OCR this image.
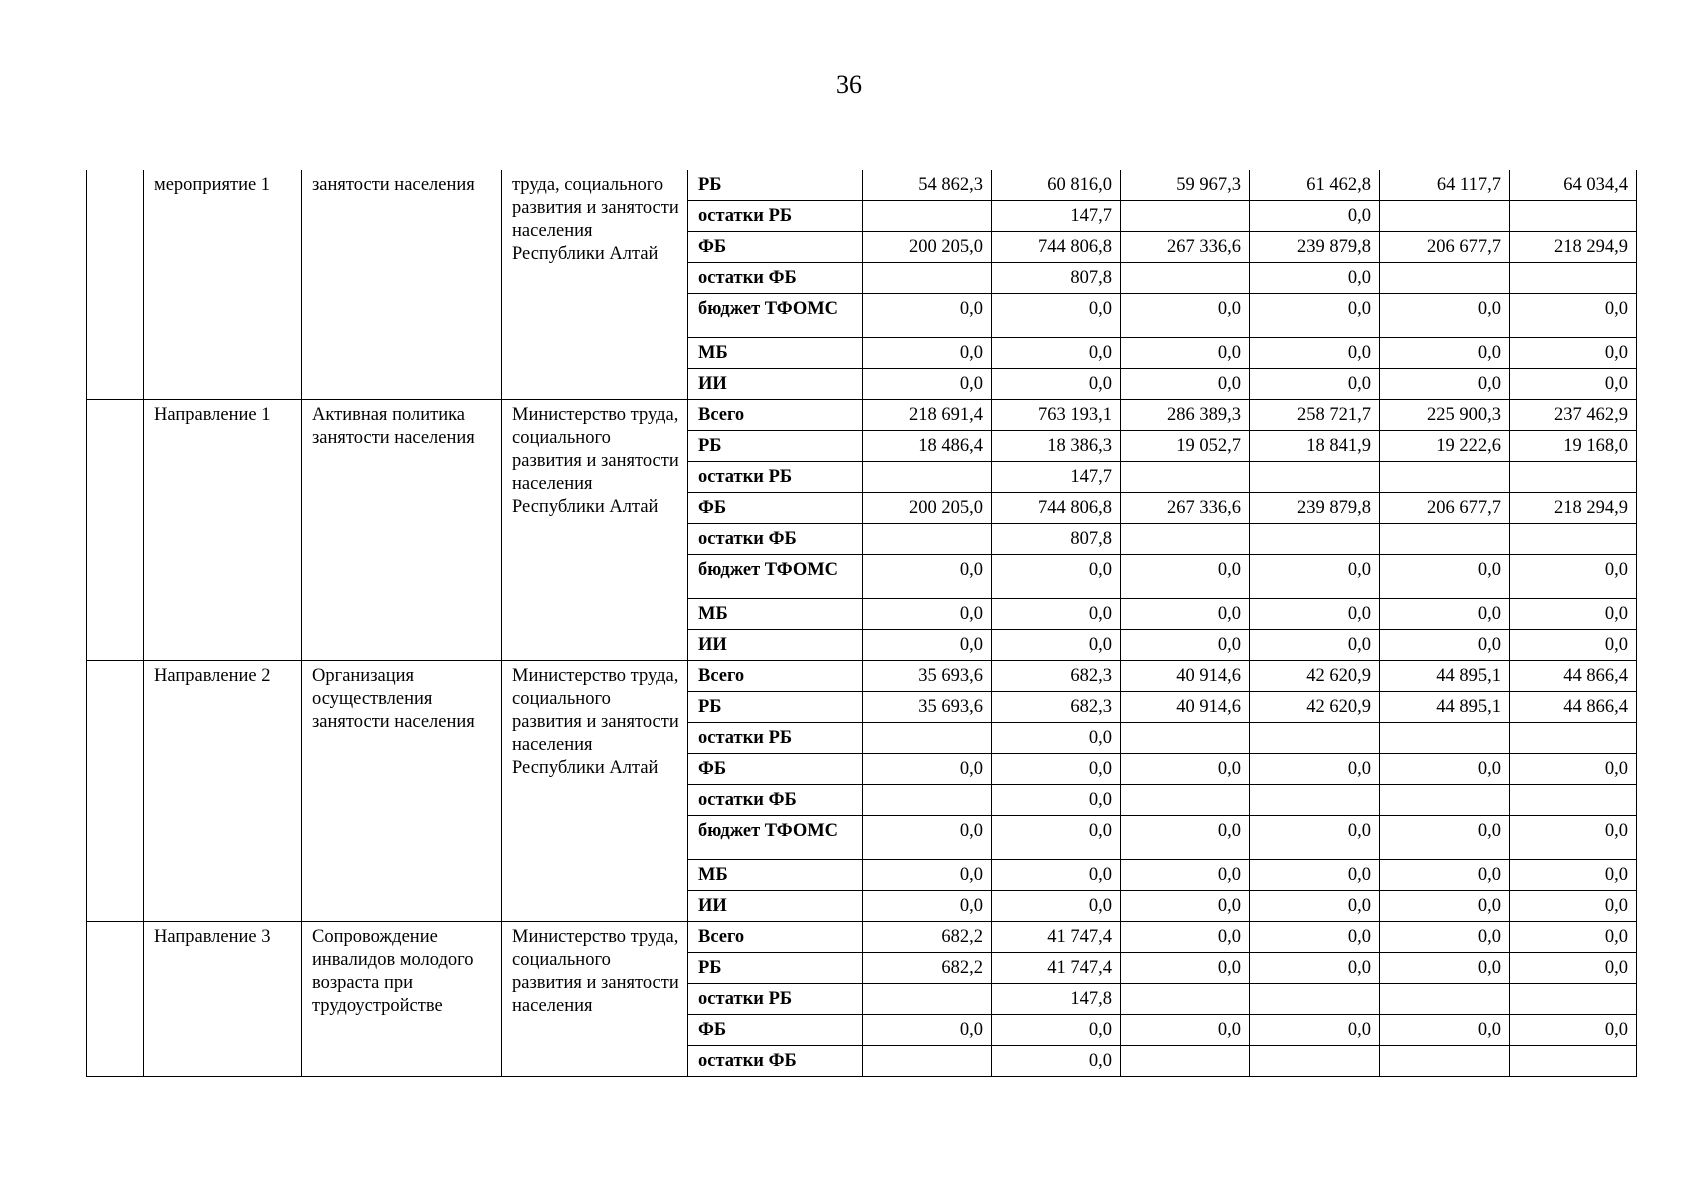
36
	мероприятие 1	занятости населения	труда, социального развития и занятости населения Республики Алтай	РБ	54 862,3	60 816,0	59 967,3	61 462,8	64 117,7	64 034,4
				остатки РБ		147,7		0,0		
				ФБ	200 205,0	744 806,8	267 336,6	239 879,8	206 677,7	218 294,9
				остатки ФБ		807,8		0,0		
				бюджет ТФОМС	0,0	0,0	0,0	0,0	0,0	0,0
				МБ	0,0	0,0	0,0	0,0	0,0	0,0
				ИИ	0,0	0,0	0,0	0,0	0,0	0,0
	Направление 1	Активная политика занятости населения	Министерство труда, социального развития и занятости населения Республики Алтай	Всего	218 691,4	763 193,1	286 389,3	258 721,7	225 900,3	237 462,9
				РБ	18 486,4	18 386,3	19 052,7	18 841,9	19 222,6	19 168,0
				остатки РБ		147,7				
				ФБ	200 205,0	744 806,8	267 336,6	239 879,8	206 677,7	218 294,9
				остатки ФБ		807,8				
				бюджет ТФОМС	0,0	0,0	0,0	0,0	0,0	0,0
				МБ	0,0	0,0	0,0	0,0	0,0	0,0
				ИИ	0,0	0,0	0,0	0,0	0,0	0,0
	Направление 2	Организация осуществления занятости населения	Министерство труда, социального развития и занятости населения Республики Алтай	Всего	35 693,6	682,3	40 914,6	42 620,9	44 895,1	44 866,4
				РБ	35 693,6	682,3	40 914,6	42 620,9	44 895,1	44 866,4
				остатки РБ		0,0				
				ФБ	0,0	0,0	0,0	0,0	0,0	0,0
				остатки ФБ		0,0				
				бюджет ТФОМС	0,0	0,0	0,0	0,0	0,0	0,0
				МБ	0,0	0,0	0,0	0,0	0,0	0,0
				ИИ	0,0	0,0	0,0	0,0	0,0	0,0
	Направление 3	Сопровождение инвалидов молодого возраста при трудоустройстве	Министерство труда, социального развития и занятости населения	Всего	682,2	41 747,4	0,0	0,0	0,0	0,0
				РБ	682,2	41 747,4	0,0	0,0	0,0	0,0
				остатки РБ		147,8				
				ФБ	0,0	0,0	0,0	0,0	0,0	0,0
				остатки ФБ		0,0				
